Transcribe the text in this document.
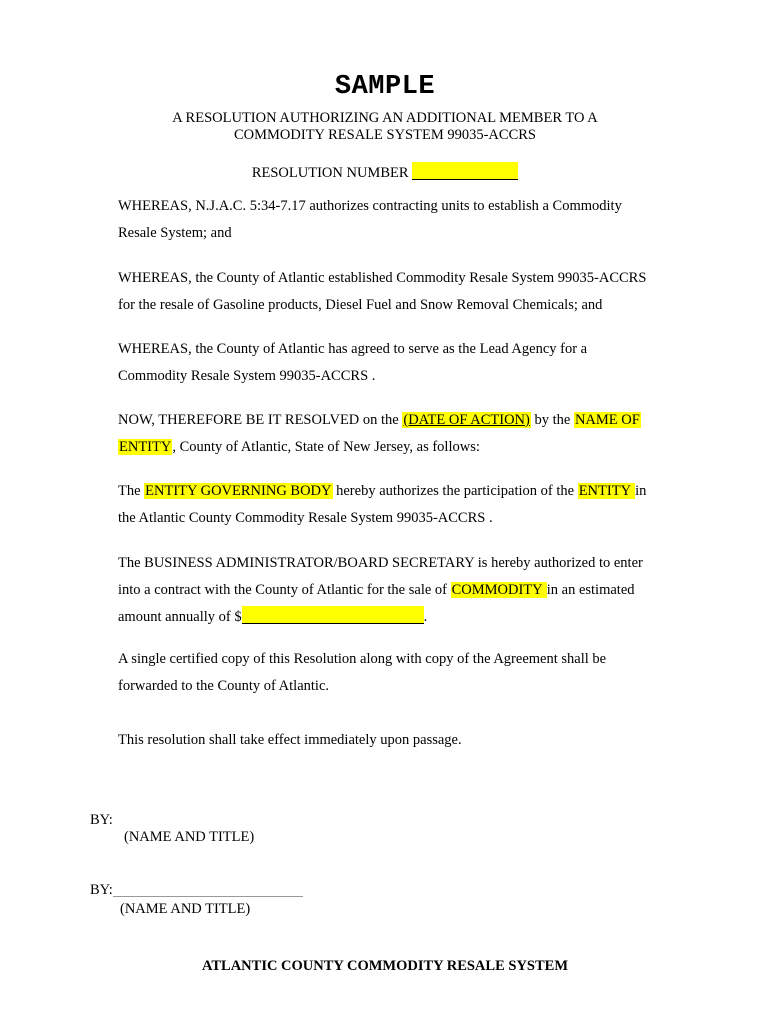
SAMPLE
A RESOLUTION AUTHORIZING AN ADDITIONAL MEMBER TO A
COMMODITY RESALE SYSTEM 99035-ACCRS
RESOLUTION NUMBER
WHEREAS, N.J.A.C. 5:34-7.17 authorizes contracting units to establish a Commodity
Resale System; and
WHEREAS, the County of Atlantic established Commodity Resale System 99035-ACCRS
for the resale of Gasoline products, Diesel Fuel and Snow Removal Chemicals; and
WHEREAS, the County of Atlantic has agreed to serve as the Lead Agency for a
Commodity Resale System 99035-ACCRS .
NOW, THEREFORE BE IT RESOLVED on the (DATE OF ACTION) by the NAME OF
ENTITY, County of Atlantic, State of New Jersey, as follows:
The ENTITY GOVERNING BODY hereby authorizes the participation of the ENTITY in
the Atlantic County Commodity Resale System 99035-ACCRS .
The BUSINESS ADMINISTRATOR/BOARD SECRETARY is hereby authorized to enter
into a contract with the County of Atlantic for the sale of COMMODITY in an estimated
amount annually of $	.
A single certified copy of this Resolution along with copy of the Agreement shall be
forwarded to the County of Atlantic.
This resolution shall take effect immediately upon passage.
BY:
(NAME AND TITLE)
BY:
(NAME AND TITLE)
ATLANTIC COUNTY COMMODITY RESALE SYSTEM
